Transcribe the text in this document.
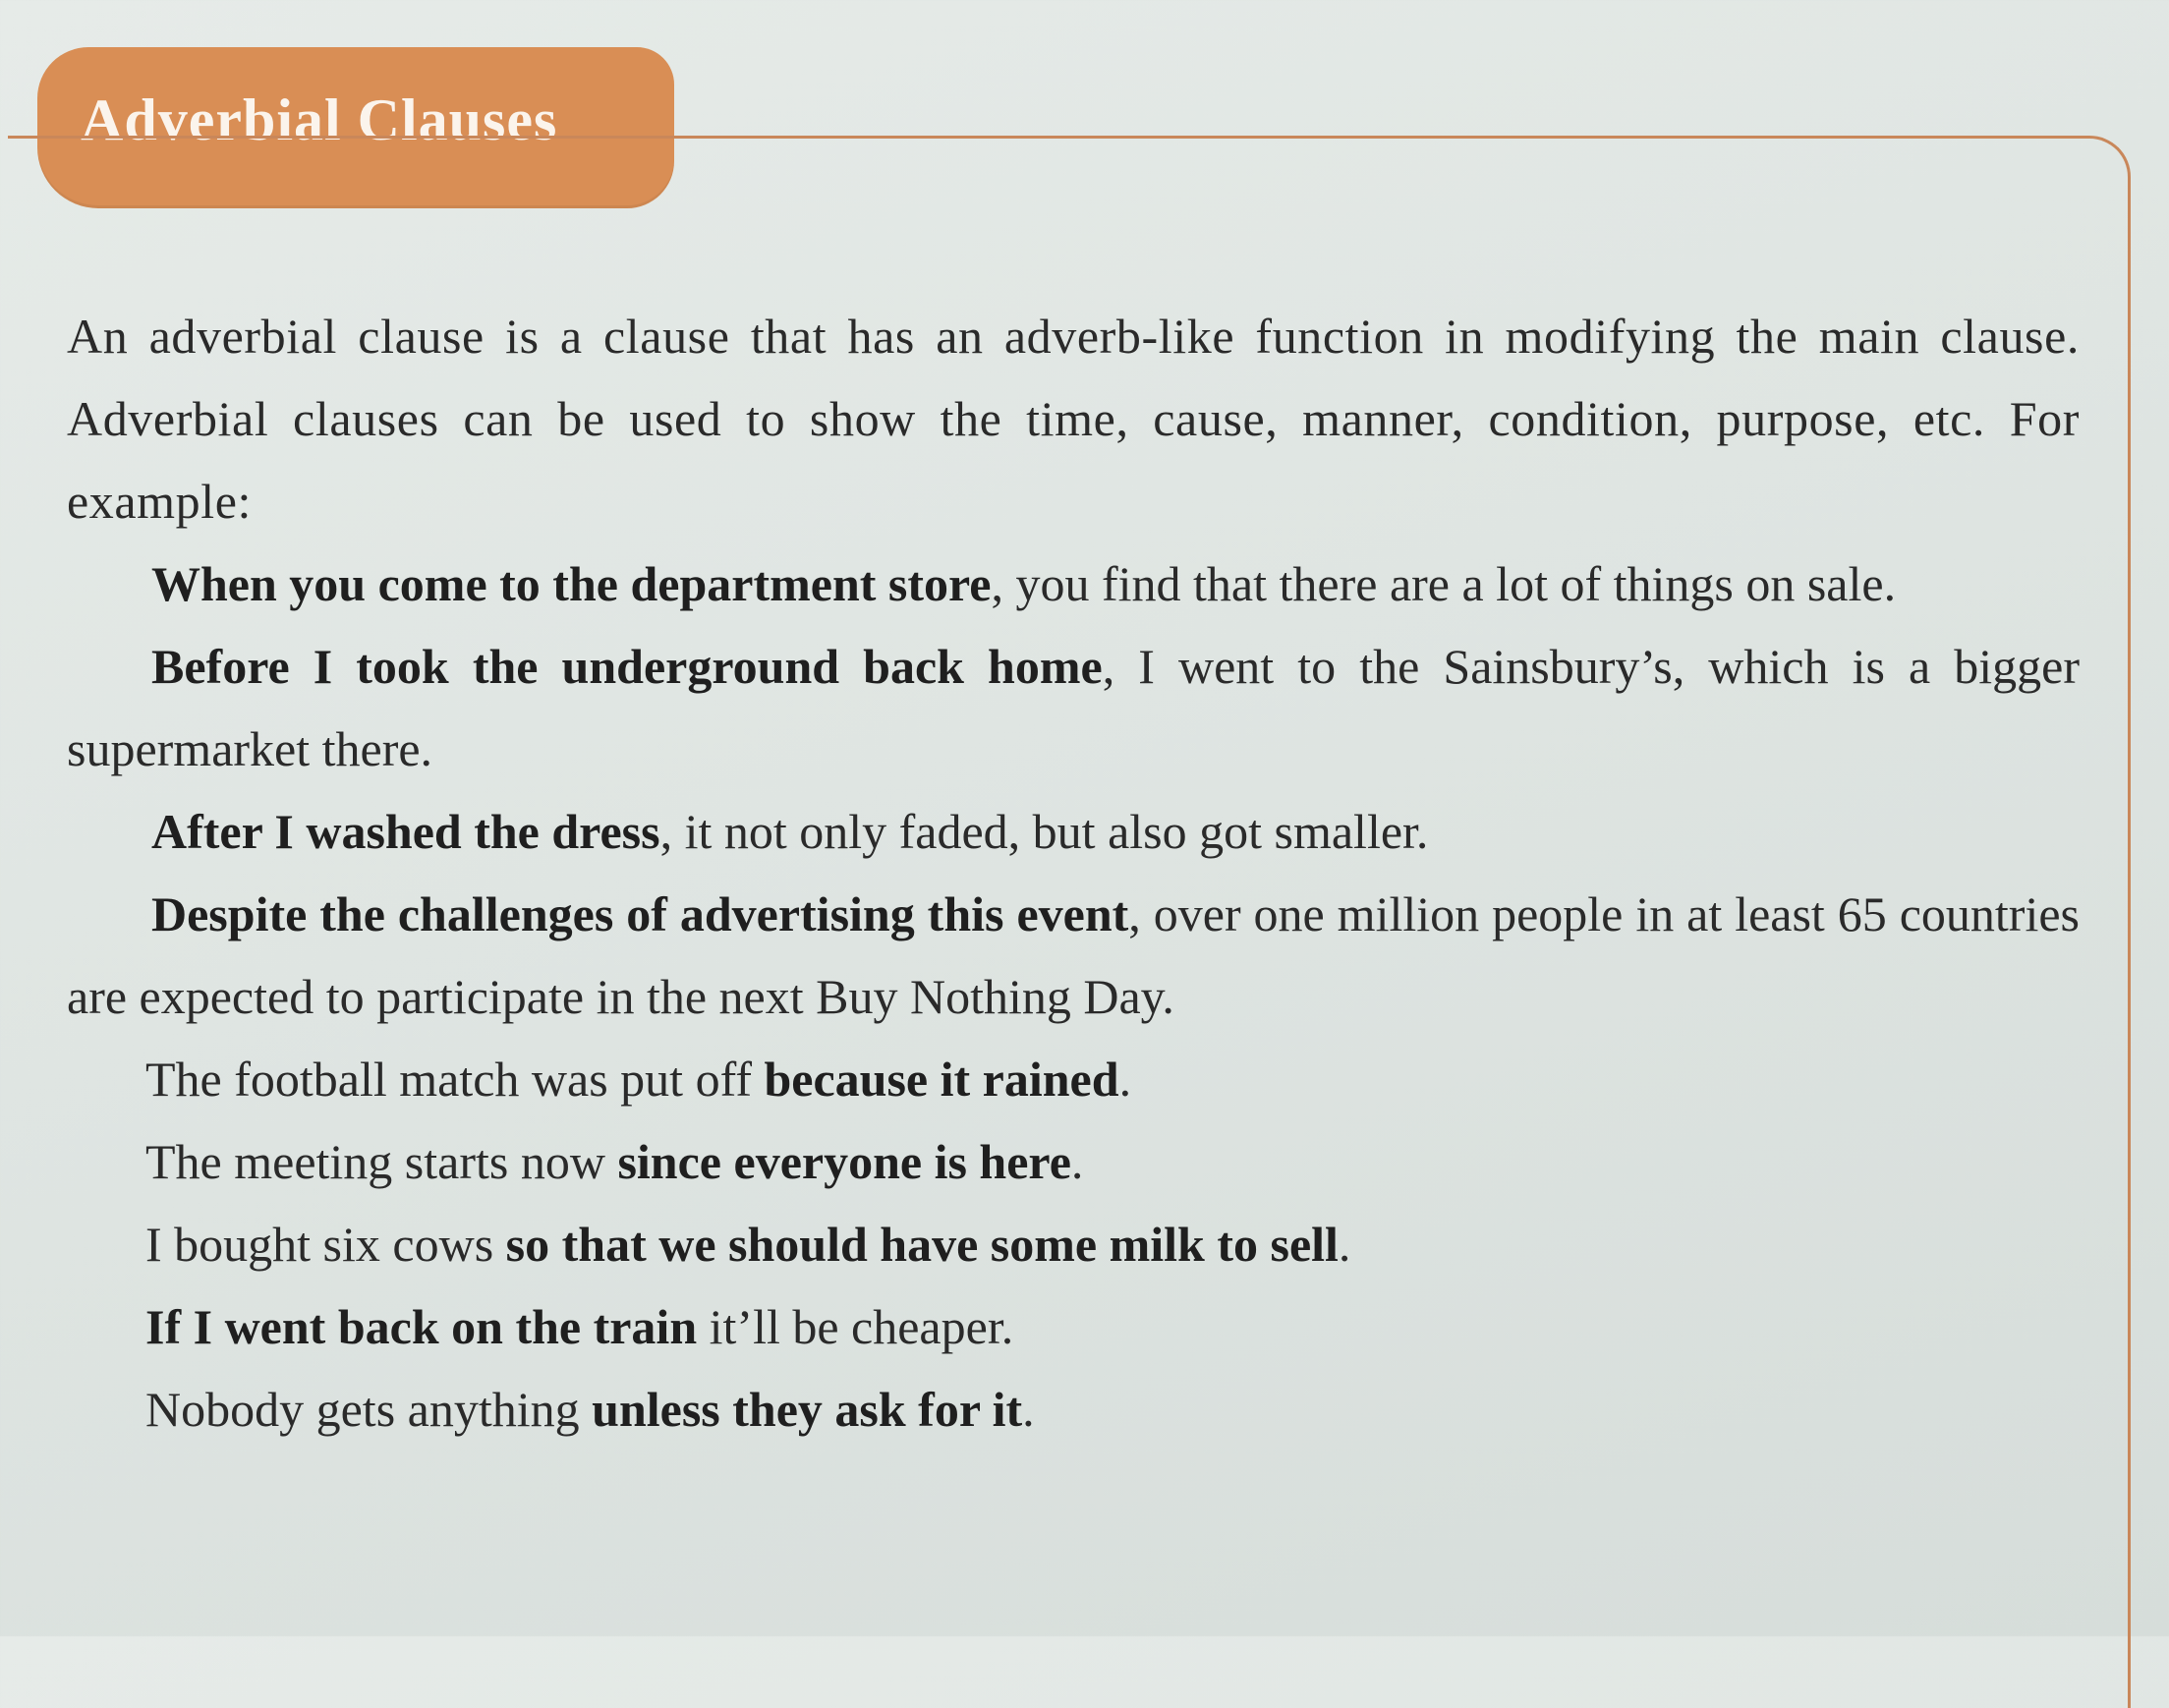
Adverbial Clauses

An adverbial clause is a clause that has an adverb-like function in modifying the main clause. Adverbial clauses can be used to show the time, cause, manner, condition, purpose, etc. For example:

When you come to the department store, you find that there are a lot of things on sale.

Before I took the underground back home, I went to the Sainsbury’s, which is a bigger supermarket there.

After I washed the dress, it not only faded, but also got smaller.

Despite the challenges of advertising this event, over one million people in at least 65 countries are expected to participate in the next Buy Nothing Day.

The football match was put off because it rained.

The meeting starts now since everyone is here.

I bought six cows so that we should have some milk to sell.

If I went back on the train it’ll be cheaper.

Nobody gets anything unless they ask for it.
